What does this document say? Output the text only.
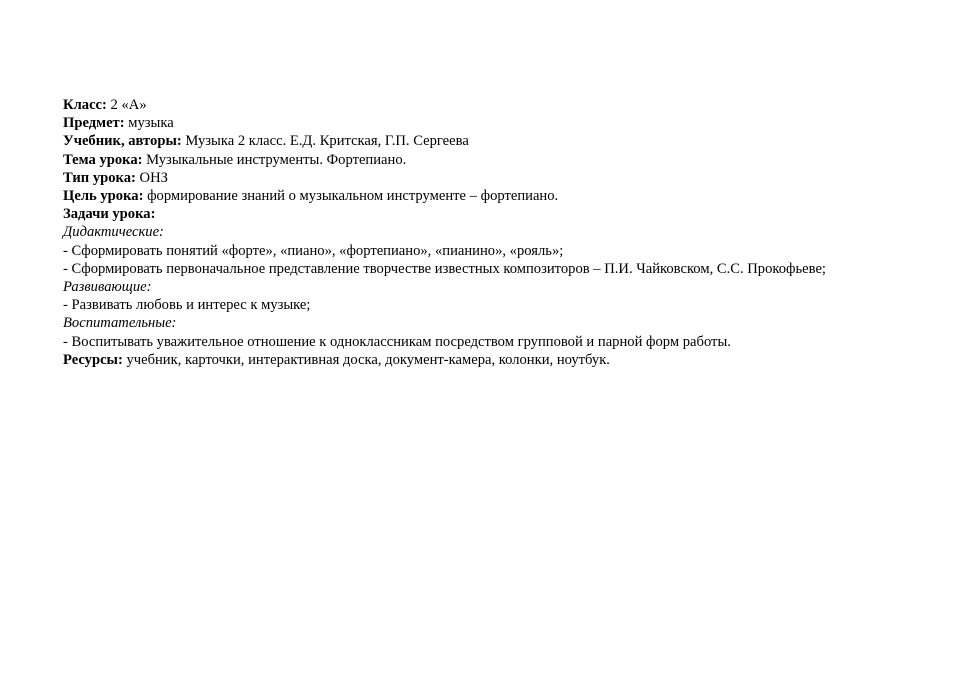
Класс: 2 «А»

Предмет: музыка

Учебник, авторы: Музыка 2 класс. Е.Д. Критская, Г.П. Сергеева

Тема урока: Музыкальные инструменты. Фортепиано.

Тип урока: ОНЗ

Цель урока: формирование знаний о музыкальном инструменте – фортепиано.

Задачи урока:

Дидактические:

- Сформировать понятий «форте», «пиано», «фортепиано», «пианино», «рояль»;

- Сформировать первоначальное представление творчестве известных композиторов – П.И. Чайковском, С.С. Прокофьеве;

Развивающие:

- Развивать любовь и интерес к музыке;

Воспитательные:

- Воспитывать уважительное отношение к одноклассникам посредством групповой и парной форм работы.

Ресурсы: учебник, карточки, интерактивная доска, документ-камера, колонки, ноутбук.
